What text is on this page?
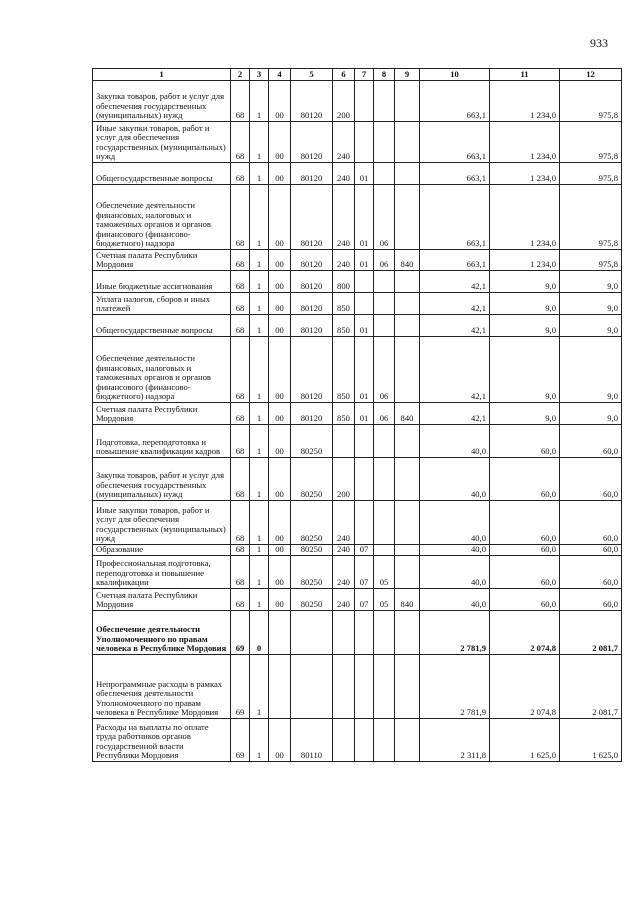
933
1	2	3	4	5	6	7	8	9	10	11	12
Закупка товаров, работ и услуг для обеспечения государственных (муниципальных) нужд	68	1	00	80120	200				663,1	1 234,0	975,8
Иные закупки товаров, работ и услуг для обеспечения государственных (муниципальных) нужд	68	1	00	80120	240				663,1	1 234,0	975,8
Общегосударственные вопросы	68	1	00	80120	240	01			663,1	1 234,0	975,8
Обеспечение деятельности финансовых, налоговых и таможенных органов и органов финансового (финансово-бюджетного) надзора	68	1	00	80120	240	01	06		663,1	1 234,0	975,8
Счетная палата Республики Мордовия	68	1	00	80120	240	01	06	840	663,1	1 234,0	975,8
Иные бюджетные ассигнования	68	1	00	80120	800				42,1	9,0	9,0
Уплата налогов, сборов и иных платежей	68	1	00	80120	850				42,1	9,0	9,0
Общегосударственные вопросы	68	1	00	80120	850	01			42,1	9,0	9,0
Обеспечение деятельности финансовых, налоговых и таможенных органов и органов финансового (финансово-бюджетного) надзора	68	1	00	80120	850	01	06		42,1	9,0	9,0
Счетная палата Республики Мордовия	68	1	00	80120	850	01	06	840	42,1	9,0	9,0
Подготовка, переподготовка и повышение квалификации кадров	68	1	00	80250					40,0	60,0	60,0
Закупка товаров, работ и услуг для обеспечения государственных (муниципальных) нужд	68	1	00	80250	200				40,0	60,0	60,0
Иные закупки товаров, работ и услуг для обеспечения государственных (муниципальных) нужд	68	1	00	80250	240				40,0	60,0	60,0
Образование	68	1	00	80250	240	07			40,0	60,0	60,0
Профессиональная подготовка, переподготовка и повышение квалификации	68	1	00	80250	240	07	05		40,0	60,0	60,0
Счетная палата Республики Мордовия	68	1	00	80250	240	07	05	840	40,0	60,0	60,0
Обеспечение деятельности Уполномоченного по правам человека в Республике Мордовия	69	0							2 781,9	2 074,8	2 081,7
Непрограммные расходы в рамках обеспечения деятельности Уполномоченного по правам человека в Республике Мордовия	69	1							2 781,9	2 074,8	2 081,7
Расходы на выплаты по оплате труда работников органов государственной власти Республики Мордовия	69	1	00	80110					2 311,8	1 625,0	1 625,0
